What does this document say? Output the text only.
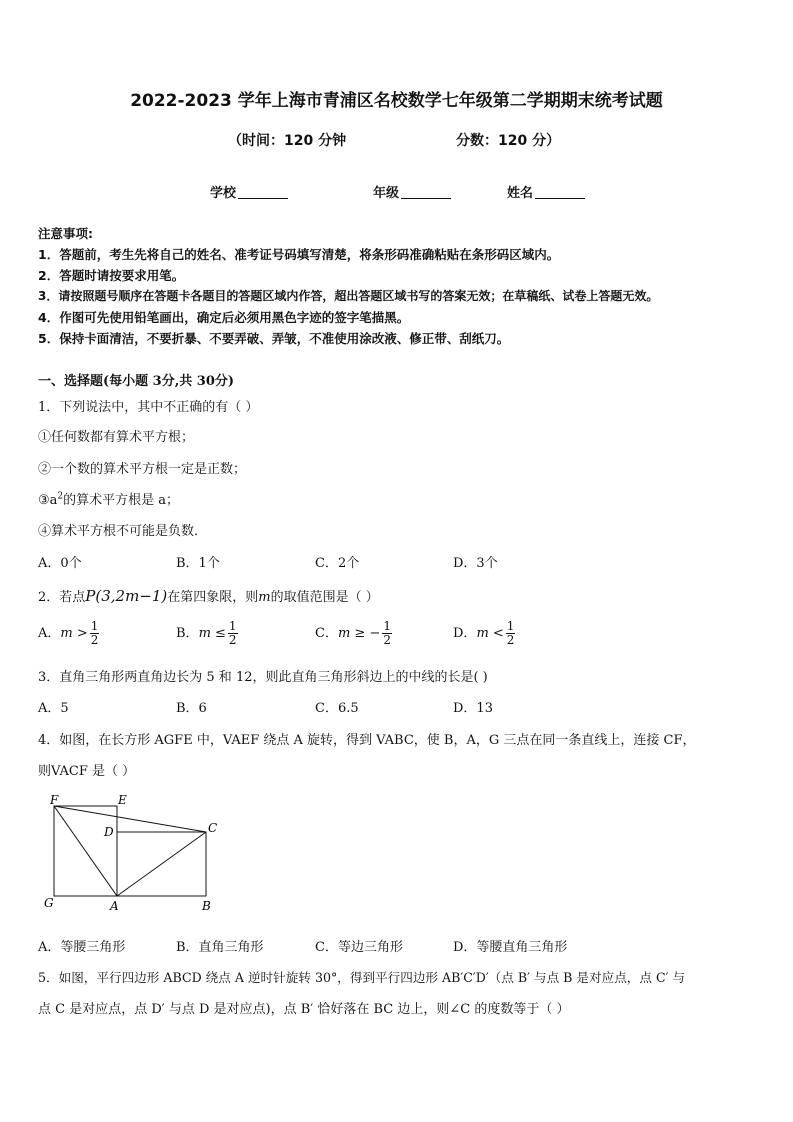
2022-2023 学年上海市青浦区名校数学七年级第二学期期末统考试题
（时间：120 分钟	分数：120 分）
学校	年级	姓名
注意事项:
1．答题前，考生先将自己的姓名、准考证号码填写清楚，将条形码准确粘贴在条形码区域内。
2．答题时请按要求用笔。
3．请按照题号顺序在答题卡各题目的答题区域内作答，超出答题区域书写的答案无效；在草稿纸、试卷上答题无效。
4．作图可先使用铅笔画出，确定后必须用黑色字迹的签字笔描黑。
5．保持卡面清洁，不要折暴、不要弄破、弄皱，不准使用涂改液、修正带、刮纸刀。
一、选择题(每小题 3分,共 30分)
1．下列说法中，其中不正确的有（ ）
①任何数都有算术平方根；
②一个数的算术平方根一定是正数；
$③a^2$的算术平方根是 a；
④算术平方根不可能是负数．
A．0个	B．1个	C．2个	D．3个
2．若点P(3,2m−1)在第四象限，则m的取值范围是（ ）
A．$m > \frac{1}{2}$	B．$m \le \frac{1}{2}$	C．m ≥ − $\frac{1}{2}$	D．$m < \frac{1}{2}$
3．直角三角形两直角边长为 5 和 12，则此直角三角形斜边上的中线的长是( )
A．5	B．6	C．6.5	D．13
4．如图，在长方形 AGFE 中，VAEF 绕点 A 旋转，得到 VABC，使 B，A，G 三点在同一条直线上，连接 CF，
则VACF 是（ ）
F	E
D	C
G	A	B
A．等腰三角形	B．直角三角形	C．等边三角形	D．等腰直角三角形
5．如图，平行四边形 ABCD 绕点 A 逆时针旋转 30°，得到平行四边形 AB′C′D′（点 B′ 与点 B 是对应点，点 C′ 与
点 C 是对应点，点 D′ 与点 D 是对应点)，点 B′ 恰好落在 BC 边上，则∠C 的度数等于（ ）
